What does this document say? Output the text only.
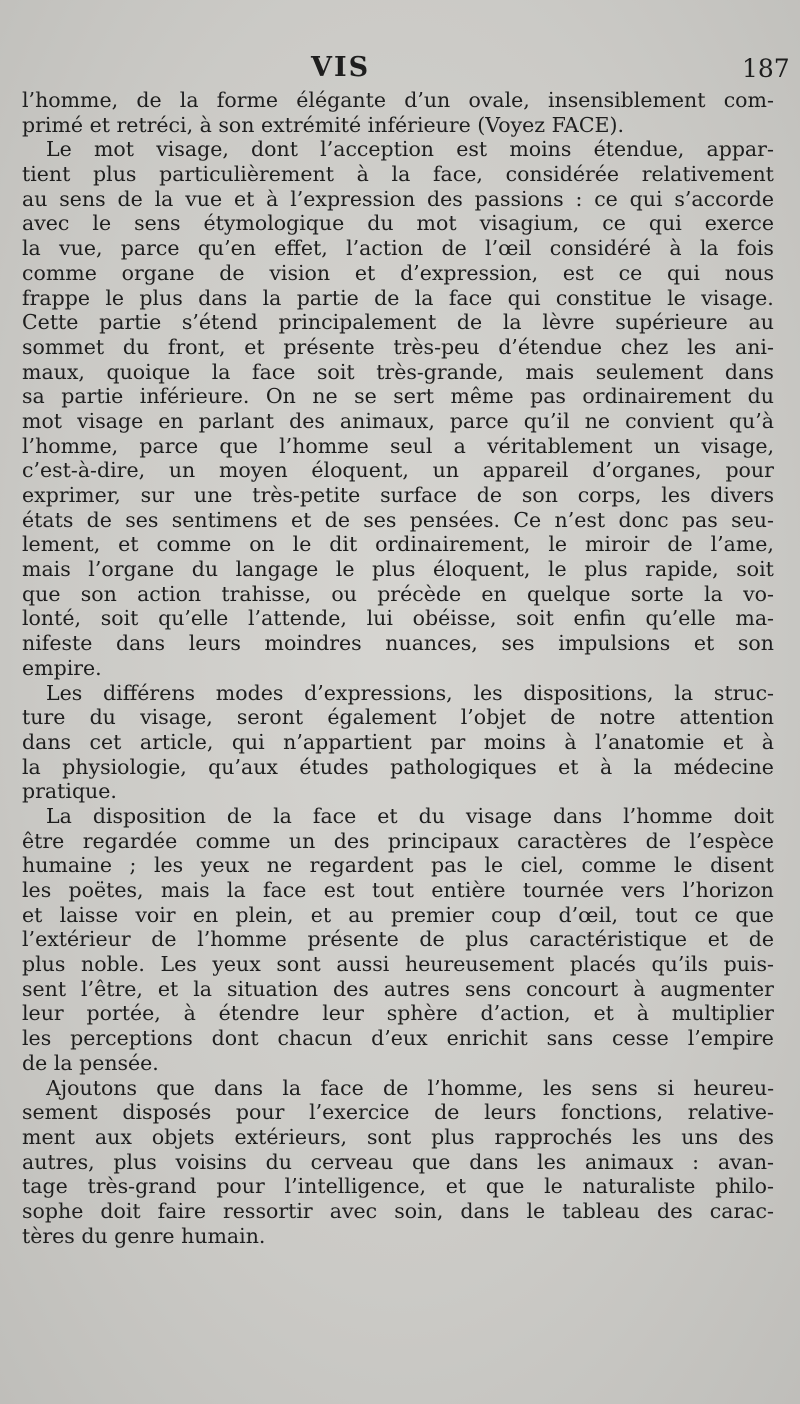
VIS	187
l’homme, de la forme élégante d’un ovale, insensiblement com-
primé et retréci, à son extrémité inférieure (Voyez FACE).
Le mot visage, dont l’acception est moins étendue, appar-
tient plus particulièrement à la face, considérée relativement
au sens de la vue et à l’expression des passions : ce qui s’accorde
avec le sens étymologique du mot visagium, ce qui exerce
la vue, parce qu’en effet, l’action de l’œil considéré à la fois
comme organe de vision et d’expression, est ce qui nous
frappe le plus dans la partie de la face qui constitue le visage.
Cette partie s’étend principalement de la lèvre supérieure au
sommet du front, et présente très-peu d’étendue chez les ani-
maux, quoique la face soit très-grande, mais seulement dans
sa partie inférieure. On ne se sert même pas ordinairement du
mot visage en parlant des animaux, parce qu’il ne convient qu’à
l’homme, parce que l’homme seul a véritablement un visage,
c’est-à-dire, un moyen éloquent, un appareil d’organes, pour
exprimer, sur une très-petite surface de son corps, les divers
états de ses sentimens et de ses pensées. Ce n’est donc pas seu-
lement, et comme on le dit ordinairement, le miroir de l’ame,
mais l’organe du langage le plus éloquent, le plus rapide, soit
que son action trahisse, ou précède en quelque sorte la vo-
lonté, soit qu’elle l’attende, lui obéisse, soit enfin qu’elle ma-
nifeste dans leurs moindres nuances, ses impulsions et son
empire.
Les différens modes d’expressions, les dispositions, la struc-
ture du visage, seront également l’objet de notre attention
dans cet article, qui n’appartient par moins à l’anatomie et à
la physiologie, qu’aux études pathologiques et à la médecine
pratique.
La disposition de la face et du visage dans l’homme doit
être regardée comme un des principaux caractères de l’espèce
humaine ; les yeux ne regardent pas le ciel, comme le disent
les poëtes, mais la face est tout entière tournée vers l’horizon
et laisse voir en plein, et au premier coup d’œil, tout ce que
l’extérieur de l’homme présente de plus caractéristique et de
plus noble. Les yeux sont aussi heureusement placés qu’ils puis-
sent l’être, et la situation des autres sens concourt à augmenter
leur portée, à étendre leur sphère d’action, et à multiplier
les perceptions dont chacun d’eux enrichit sans cesse l’empire
de la pensée.
Ajoutons que dans la face de l’homme, les sens si heureu-
sement disposés pour l’exercice de leurs fonctions, relative-
ment aux objets extérieurs, sont plus rapprochés les uns des
autres, plus voisins du cerveau que dans les animaux : avan-
tage très-grand pour l’intelligence, et que le naturaliste philo-
sophe doit faire ressortir avec soin, dans le tableau des carac-
tères du genre humain.
